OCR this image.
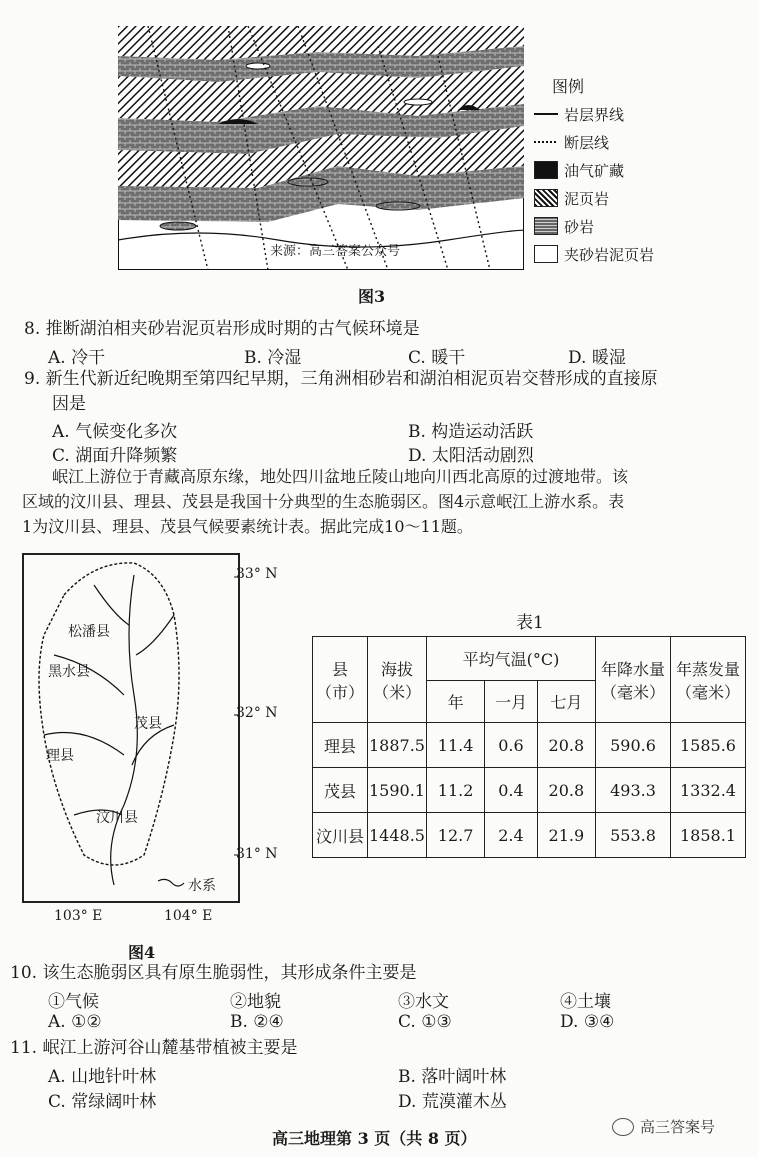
来源：高三答案公众号
图3
图例
岩层界线
断层线
油气矿藏
泥页岩
砂岩
夹砂岩泥页岩
8. 推断湖泊相夹砂岩泥页岩形成时期的古气候环境是
A. 冷干	B. 冷湿	C. 暖干	D. 暖湿
9. 新生代新近纪晚期至第四纪早期，三角洲相砂岩和湖泊相泥页岩交替形成的直接原
因是
A. 气候变化多次	B. 构造运动活跃
C. 湖面升降频繁	D. 太阳活动剧烈
岷江上游位于青藏高原东缘，地处四川盆地丘陵山地向川西北高原的过渡地带。该
区域的汶川县、理县、茂县是我国十分典型的生态脆弱区。图4示意岷江上游水系。表
1为汶川县、理县、茂县气候要素统计表。据此完成10～11题。
松潘县
黑水县
茂县
理县
汶川县
水系
33° N
32° N
31° N
103° E	104° E
图4
表1
县（市）	海拔（米）	平均气温(°C)			年降水量（毫米）	年蒸发量（毫米）
		年	一月	七月		
理县	1887.5	11.4	0.6	20.8	590.6	1585.6
茂县	1590.1	11.2	0.4	20.8	493.3	1332.4
汶川县	1448.5	12.7	2.4	21.9	553.8	1858.1
10. 该生态脆弱区具有原生脆弱性，其形成条件主要是
①气候	②地貌	③水文	④土壤
A. ①②	B. ②④	C. ①③	D. ③④
11. 岷江上游河谷山麓基带植被主要是
A. 山地针叶林	B. 落叶阔叶林
C. 常绿阔叶林	D. 荒漠灌木丛
高三地理第 3 页（共 8 页）
高三答案号
